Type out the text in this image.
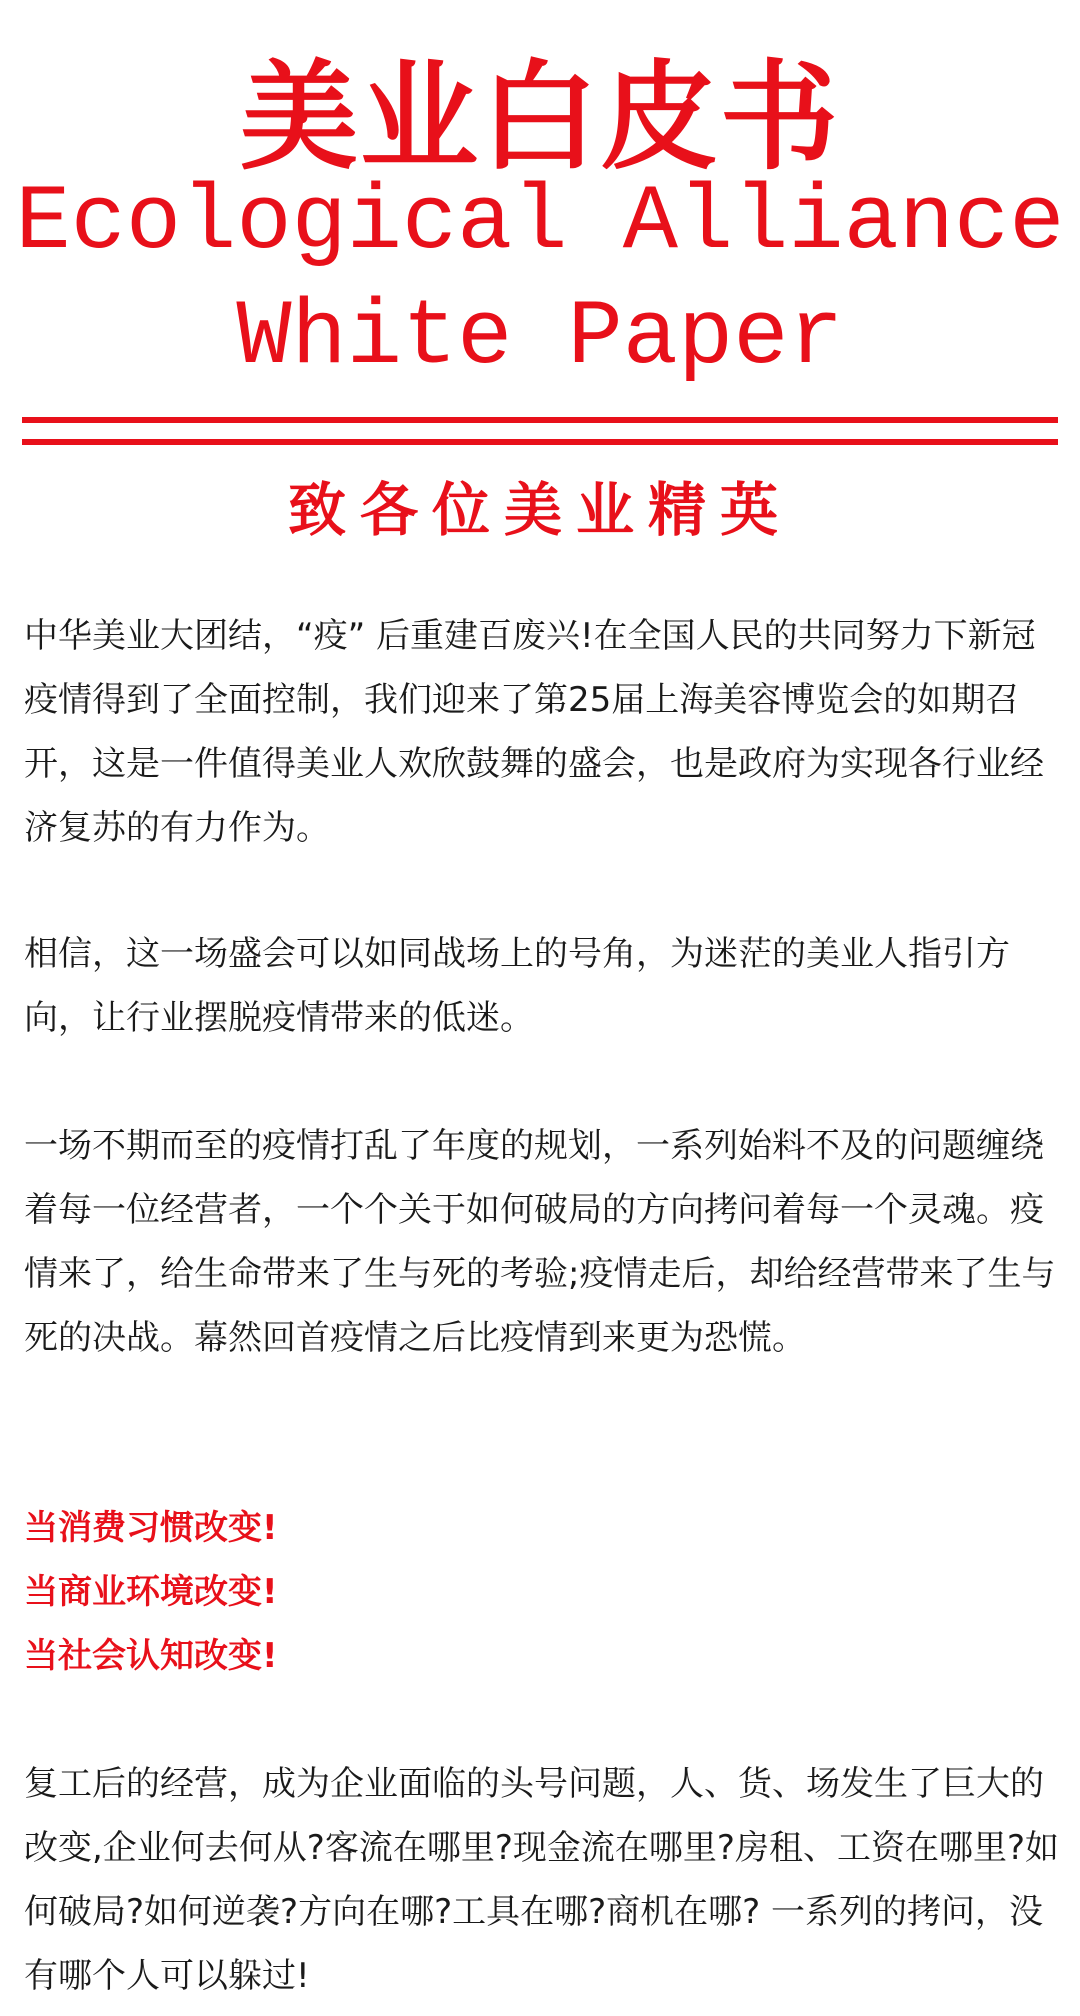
美业白皮书
Ecological Alliance
White Paper
致各位美业精英

中华美业大团结，“疫” 后重建百废兴!在全国人民的共同努力下新冠疫情得到了全面控制，我们迎来了第25届上海美容博览会的如期召开，这是一件值得美业人欢欣鼓舞的盛会，也是政府为实现各行业经济复苏的有力作为。

相信，这一场盛会可以如同战场上的号角，为迷茫的美业人指引方向，让行业摆脱疫情带来的低迷。

一场不期而至的疫情打乱了年度的规划，一系列始料不及的问题缠绕着每一位经营者，一个个关于如何破局的方向拷问着每一个灵魂。疫情来了，给生命带来了生与死的考验;疫情走后，却给经营带来了生与死的决战。幕然回首疫情之后比疫情到来更为恐慌。

当消费习惯改变!
当商业环境改变!
当社会认知改变!

复工后的经营，成为企业面临的头号问题，人、货、场发生了巨大的改变,企业何去何从?客流在哪里?现金流在哪里?房租、工资在哪里?如何破局?如何逆袭?方向在哪?工具在哪?商机在哪? 一系列的拷问，没有哪个人可以躲过!
